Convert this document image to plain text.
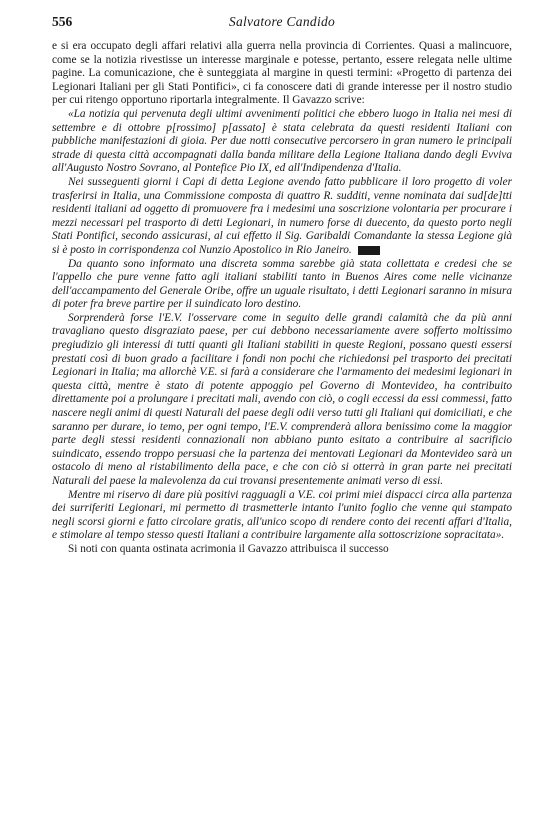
556	Salvatore Candido

e si era occupato degli affari relativi alla guerra nella provincia di Corrientes. Quasi a malincuore, come se la notizia rivestisse un interesse marginale e potesse, pertanto, essere relegata nelle ultime pagine. La comunicazione, che è sunteggiata al margine in questi termini: «Progetto di partenza dei Legionari Italiani per gli Stati Pontifici», ci fa conoscere dati di grande interesse per il nostro studio per cui ritengo opportuno riportarla integralmente. Il Gavazzo scrive:

«La notizia qui pervenuta degli ultimi avvenimenti politici che ebbero luogo in Italia nei mesi di settembre e di ottobre p[rossimo] p[assato] è stata celebrata da questi residenti Italiani con pubbliche manifestazioni di gioia. Per due notti consecutive percorsero in gran numero le principali strade di questa città accompagnati dalla banda militare della Legione Italiana dando degli Evviva all'Augusto Nostro Sovrano, al Pontefice Pio IX, ed all'Indipendenza d'Italia.

Nei susseguenti giorni i Capi di detta Legione avendo fatto pubblicare il loro progetto di voler trasferirsi in Italia, una Commissione composta di quattro R. sudditi, venne nominata dai sud[de]tti residenti italiani ad oggetto di promuovere fra i medesimi una soscrizione volontaria per procurare i mezzi necessari pel trasporto di detti Legionari, in numero forse di duecento, da questo porto negli Stati Pontifici, secondo assicurasi, al cui effetto il Sig. Garibaldi Comandante la stessa Legione già si è posto in corrispondenza col Nunzio Apostolico in Rio Janeiro.

Da quanto sono informato una discreta somma sarebbe già stata collettata e credesi che se l'appello che pure venne fatto agli italiani stabiliti tanto in Buenos Aires come nelle vicinanze dell'accampamento del Generale Oribe, offre un uguale risultato, i detti Legionari saranno in misura di poter fra breve partire per il suindicato loro destino.

Sorprenderà forse l'E.V. l'osservare come in seguito delle grandi calamità che da più anni travagliano questo disgraziato paese, per cui debbono necessariamente avere sofferto moltissimo pregiudizio gli interessi di tutti quanti gli Italiani stabiliti in queste Regioni, possano questi essersi prestati così di buon grado a facilitare i fondi non pochi che richiedonsi pel trasporto dei precitati Legionari in Italia; ma allorchè V.E. si farà a considerare che l'armamento dei medesimi legionari in questa città, mentre è stato di potente appoggio pel Governo di Montevideo, ha contribuito direttamente poi a prolungare i precitati mali, avendo con ciò, o cogli eccessi da essi commessi, fatto nascere negli animi di questi Naturali del paese degli odii verso tutti gli Italiani qui domiciliati, e che saranno per durare, io temo, per ogni tempo, l'E.V. comprenderà allora benissimo come la maggior parte degli stessi residenti connazionali non abbiano punto esitato a contribuire al sacrificio suindicato, essendo troppo persuasi che la partenza dei mentovati Legionari da Montevideo sarà un ostacolo di meno al ristabilimento della pace, e che con ciò si otterrà in gran parte nei precitati Naturali del paese la malevolenza da cui trovansi presentemente animati verso di essi.

Mentre mi riservo di dare più positivi ragguagli a V.E. coi primi miei dispacci circa alla partenza dei surriferiti Legionari, mi permetto di trasmetterle intanto l'unito foglio che venne qui stampato negli scorsi giorni e fatto circolare gratis, all'unico scopo di rendere conto dei recenti affari d'Italia, e stimolare al tempo stesso questi Italiani a contribuire largamente alla sottoscrizione sopracitata».

Si noti con quanta ostinata acrimonia il Gavazzo attribuisca il successo
